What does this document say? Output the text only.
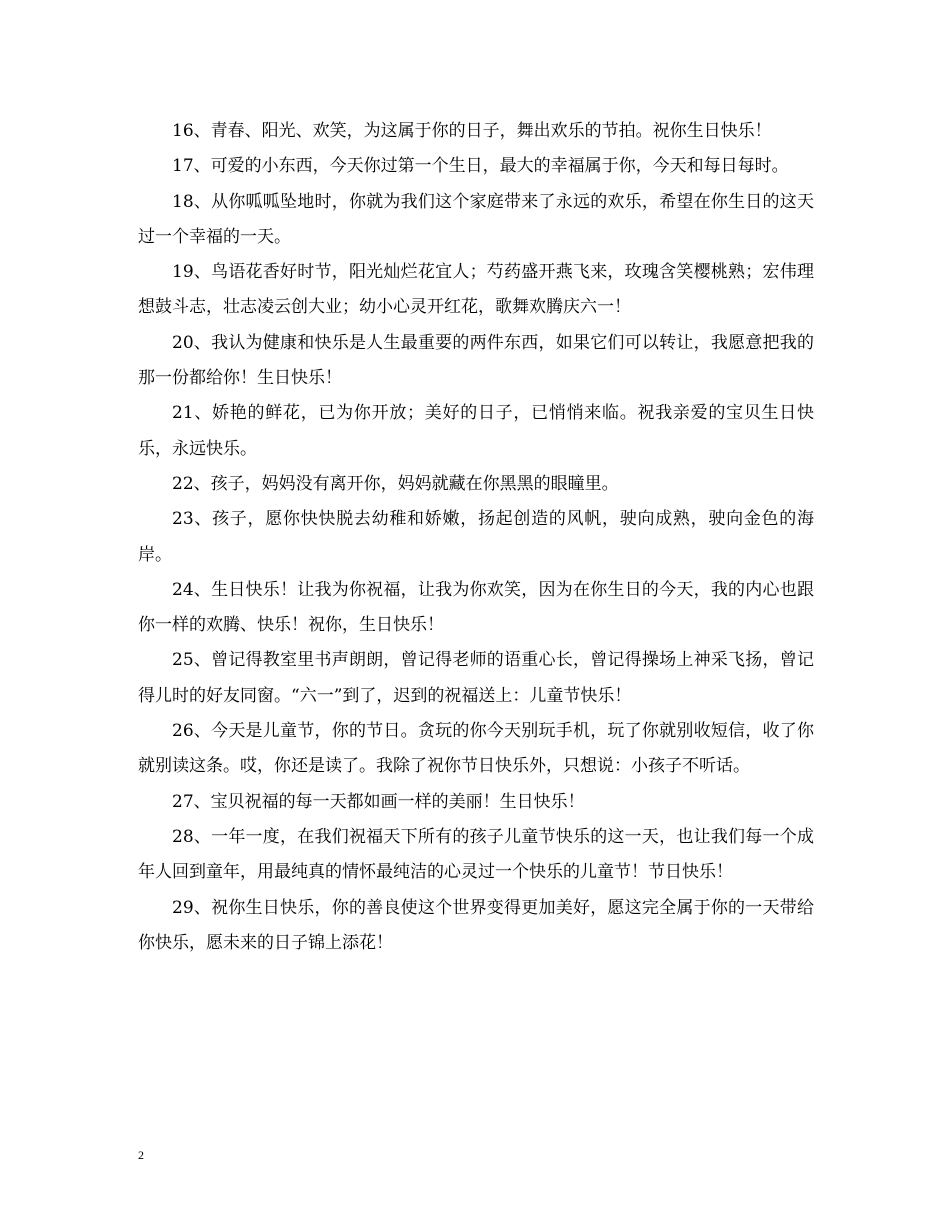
16、青春、阳光、欢笑，为这属于你的日子，舞出欢乐的节拍。祝你生日快乐！

17、可爱的小东西，今天你过第一个生日，最大的幸福属于你，今天和每日每时。

18、从你呱呱坠地时，你就为我们这个家庭带来了永远的欢乐，希望在你生日的这天过一个幸福的一天。

19、鸟语花香好时节，阳光灿烂花宜人；芍药盛开燕飞来，玫瑰含笑樱桃熟；宏伟理想鼓斗志，壮志凌云创大业；幼小心灵开红花，歌舞欢腾庆六一！

20、我认为健康和快乐是人生最重要的两件东西，如果它们可以转让，我愿意把我的那一份都给你！生日快乐！

21、娇艳的鲜花，已为你开放；美好的日子，已悄悄来临。祝我亲爱的宝贝生日快乐，永远快乐。

22、孩子，妈妈没有离开你，妈妈就藏在你黑黑的眼瞳里。

23、孩子，愿你快快脱去幼稚和娇嫩，扬起创造的风帆，驶向成熟，驶向金色的海岸。

24、生日快乐！让我为你祝福，让我为你欢笑，因为在你生日的今天，我的内心也跟你一样的欢腾、快乐！祝你，生日快乐！

25、曾记得教室里书声朗朗，曾记得老师的语重心长，曾记得操场上神采飞扬，曾记得儿时的好友同窗。“六一”到了，迟到的祝福送上：儿童节快乐！

26、今天是儿童节，你的节日。贪玩的你今天别玩手机，玩了你就别收短信，收了你就别读这条。哎，你还是读了。我除了祝你节日快乐外，只想说：小孩子不听话。

27、宝贝祝福的每一天都如画一样的美丽！生日快乐！

28、一年一度，在我们祝福天下所有的孩子儿童节快乐的这一天，也让我们每一个成年人回到童年，用最纯真的情怀最纯洁的心灵过一个快乐的儿童节！节日快乐！

29、祝你生日快乐，你的善良使这个世界变得更加美好，愿这完全属于你的一天带给你快乐，愿未来的日子锦上添花！

2
